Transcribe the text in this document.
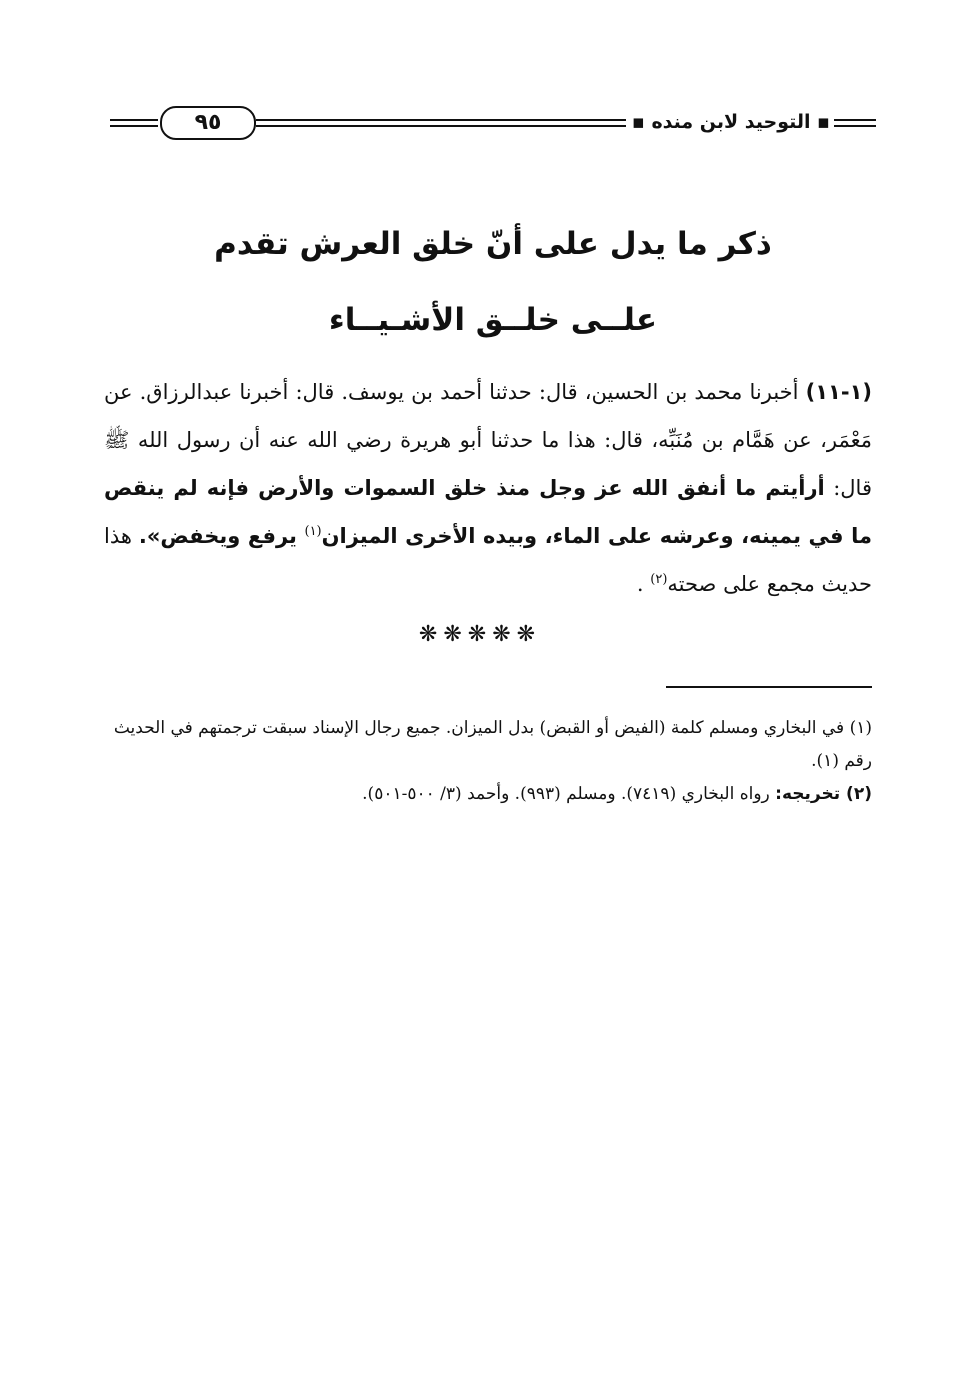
٩٥	▪ التوحيد لابن منده ▪
ذكر ما يدل على أنّ خلق العرش تقدم
علــى خلــق الأشـيــاء
(١-١١) أخبرنا محمد بن الحسين، قال: حدثنا أحمد بن يوسف. قال: أخبرنا عبدالرزاق. عن مَعْمَر، عن هَمَّام بن مُنَبِّه، قال: هذا ما حدثنا أبو هريرة رضي الله عنه أن رسول الله ﷺ قال: أرأيتم ما أنفق الله عز وجل منذ خلق السموات والأرض فإنه لم ينقص ما في يمينه، وعرشه على الماء، وبيده الأخرى الميزان$^{(١)}$ يرفع ويخفض». هذا حديث مجمع على صحته$^{(٢)}$ .
❋❋❋❋❋

(١) في البخاري ومسلم كلمة (الفيض أو القبض) بدل الميزان. جميع رجال الإسناد سبقت ترجمتهم في الحديث رقم (١).

(٢) تخريجه: رواه البخاري (٧٤١٩). ومسلم (٩٩٣). وأحمد (٣/ ٥٠٠-٥٠١).
